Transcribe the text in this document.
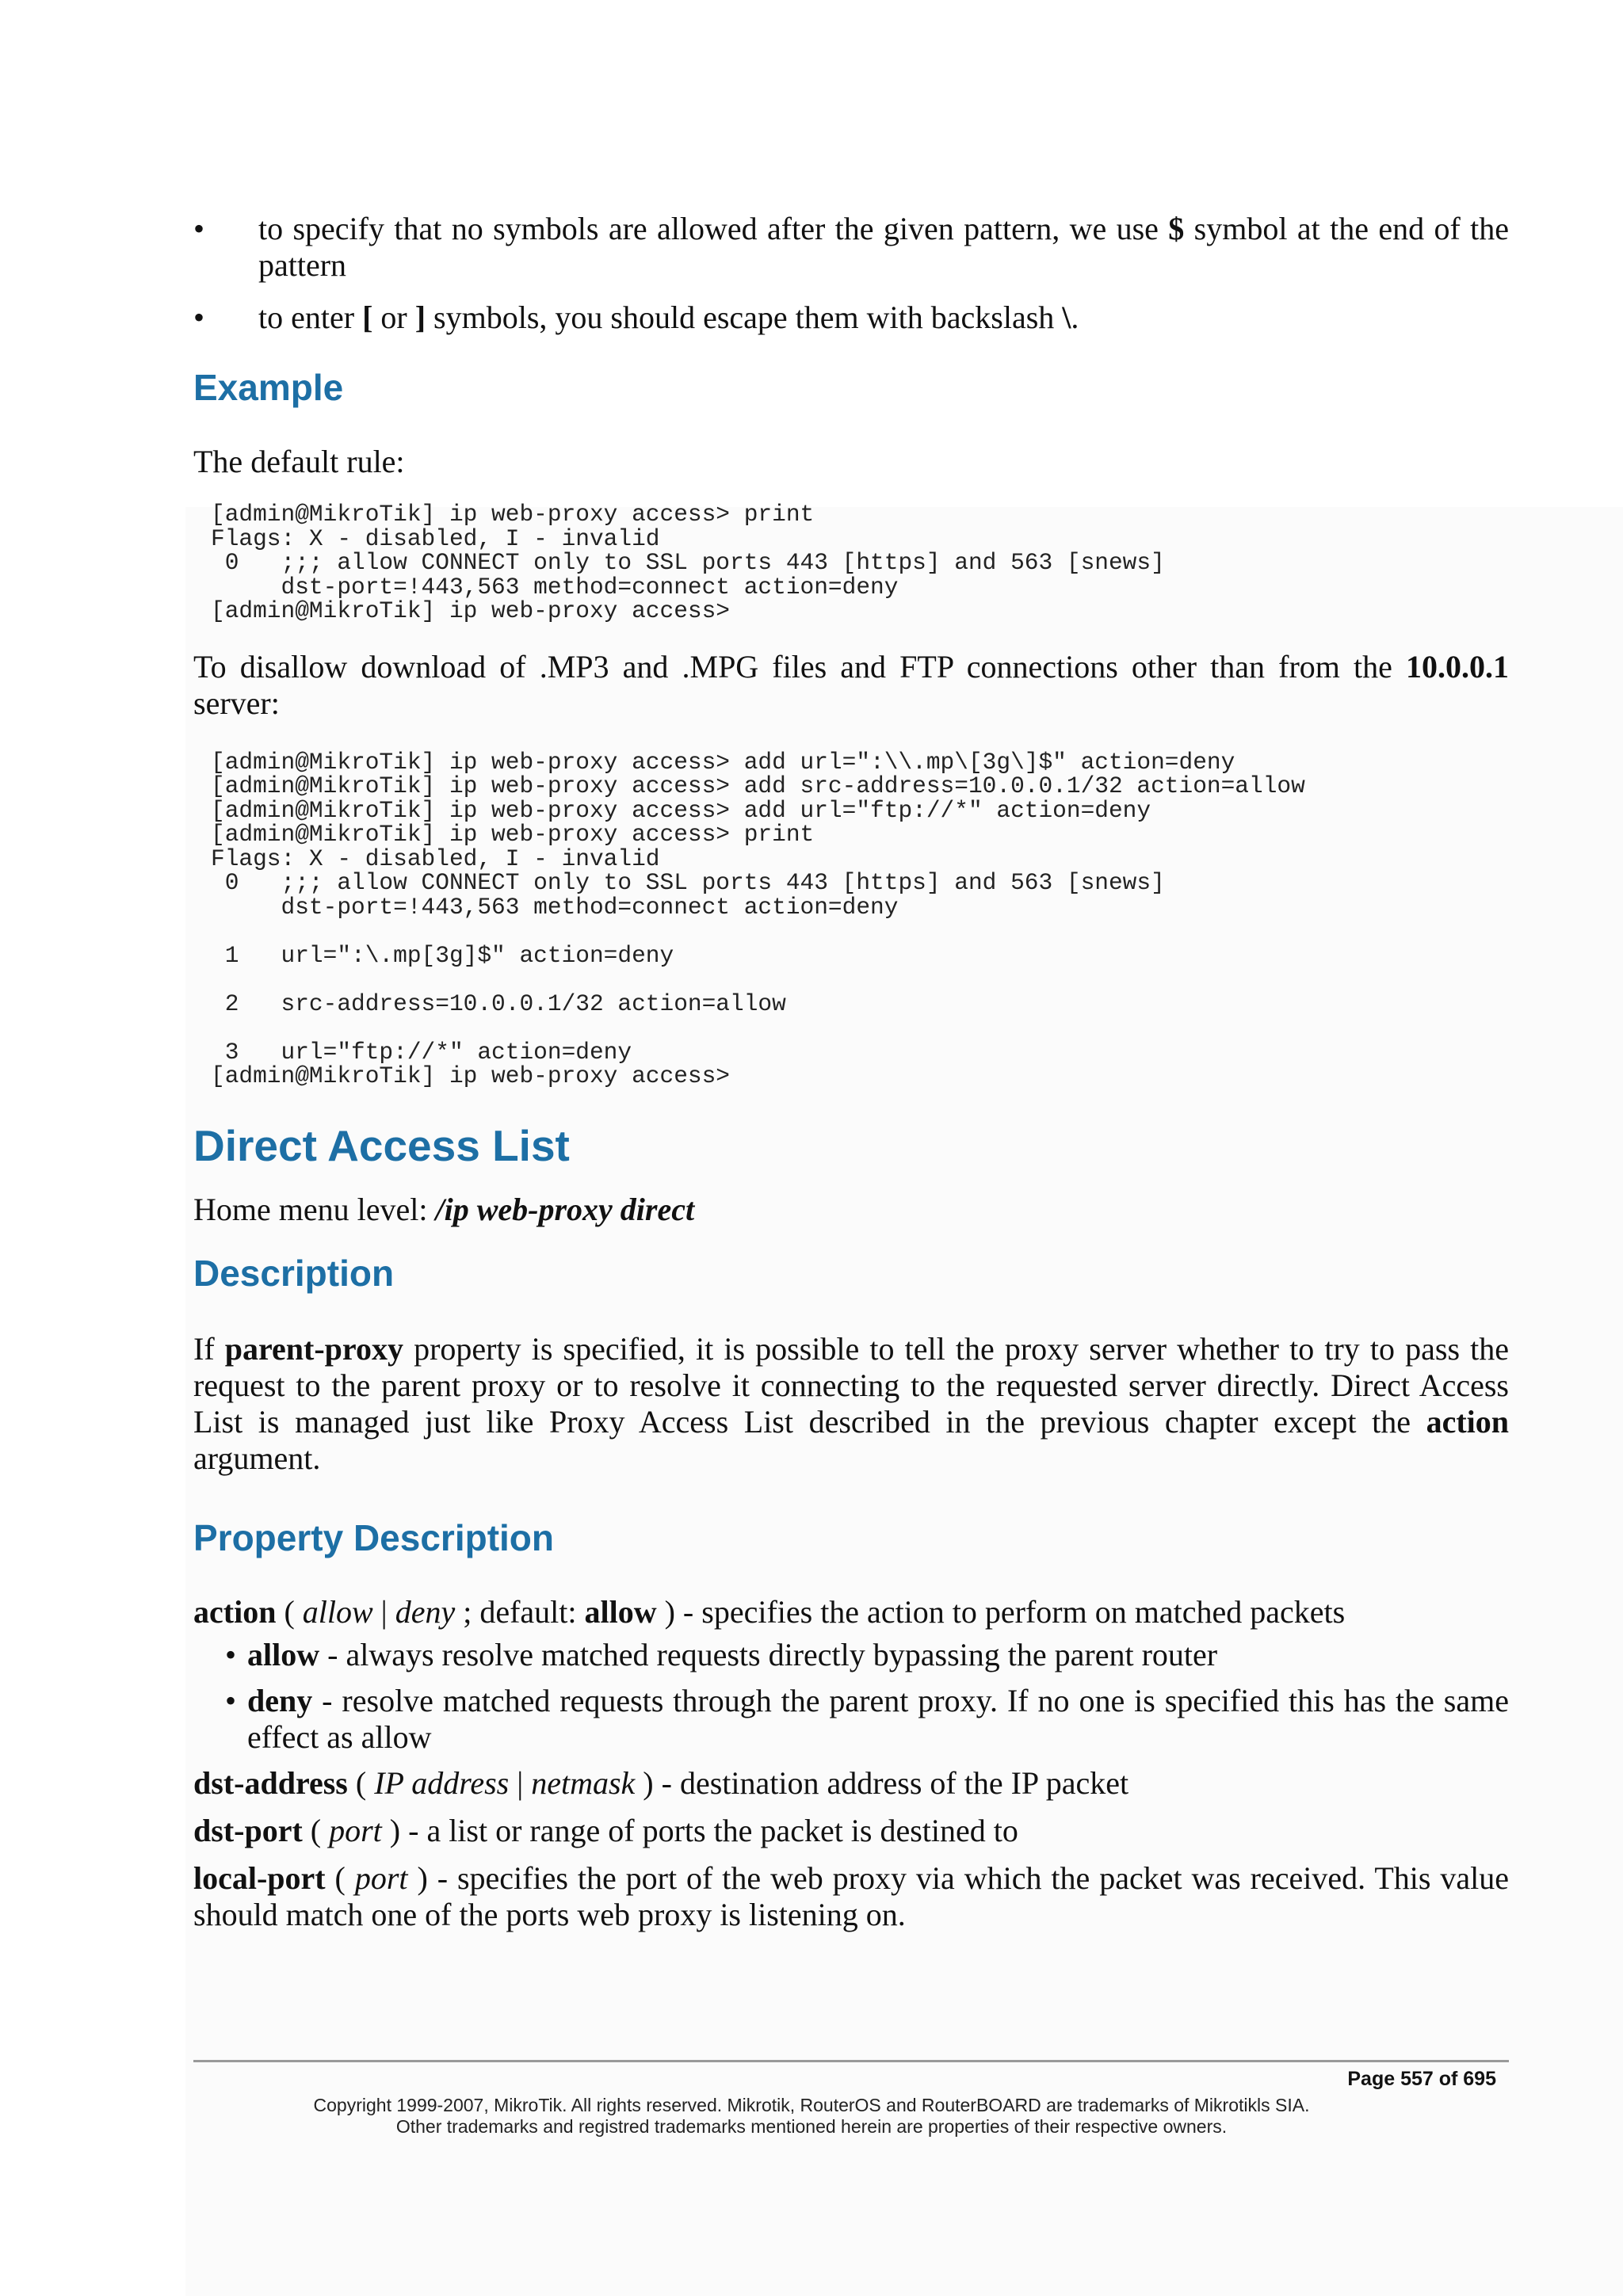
• to specify that no symbols are allowed after the given pattern, we use $ symbol at the end of the pattern
• to enter [ or ] symbols, you should escape them with backslash \.
Example

The default rule:

[admin@MikroTik] ip web-proxy access> print
Flags: X - disabled, I - invalid
0   ;;; allow CONNECT only to SSL ports 443 [https] and 563 [snews]
dst-port=!443,563 method=connect action=deny
[admin@MikroTik] ip web-proxy access>

To disallow download of .MP3 and .MPG files and FTP connections other than from the 10.0.0.1 server:

[admin@MikroTik] ip web-proxy access> add url=":\\.mp\[3g\]$" action=deny
[admin@MikroTik] ip web-proxy access> add src-address=10.0.0.1/32 action=allow
[admin@MikroTik] ip web-proxy access> add url="ftp://*" action=deny
[admin@MikroTik] ip web-proxy access> print
Flags: X - disabled, I - invalid
0   ;;; allow CONNECT only to SSL ports 443 [https] and 563 [snews]
dst-port=!443,563 method=connect action=deny

1   url=":\.mp[3g]$" action=deny

2   src-address=10.0.0.1/32 action=allow

3   url="ftp://*" action=deny
[admin@MikroTik] ip web-proxy access>
Direct Access List

Home menu level: /ip web-proxy direct

Description

If parent-proxy property is specified, it is possible to tell the proxy server whether to try to pass the request to the parent proxy or to resolve it connecting to the requested server directly. Direct Access List is managed just like Proxy Access List described in the previous chapter except the action argument.

Property Description
action ( allow | deny ; default: allow ) - specifies the action to perform on matched packets
• allow - always resolve matched requests directly bypassing the parent router
• deny - resolve matched requests through the parent proxy. If no one is specified this has the same effect as allow
dst-address ( IP address | netmask ) - destination address of the IP packet
dst-port ( port ) - a list or range of ports the packet is destined to
local-port ( port ) - specifies the port of the web proxy via which the packet was received. This value should match one of the ports web proxy is listening on.
Page 557 of 695
Copyright 1999-2007, MikroTik. All rights reserved. Mikrotik, RouterOS and RouterBOARD are trademarks of Mikrotikls SIA.
Other trademarks and registred trademarks mentioned herein are properties of their respective owners.
